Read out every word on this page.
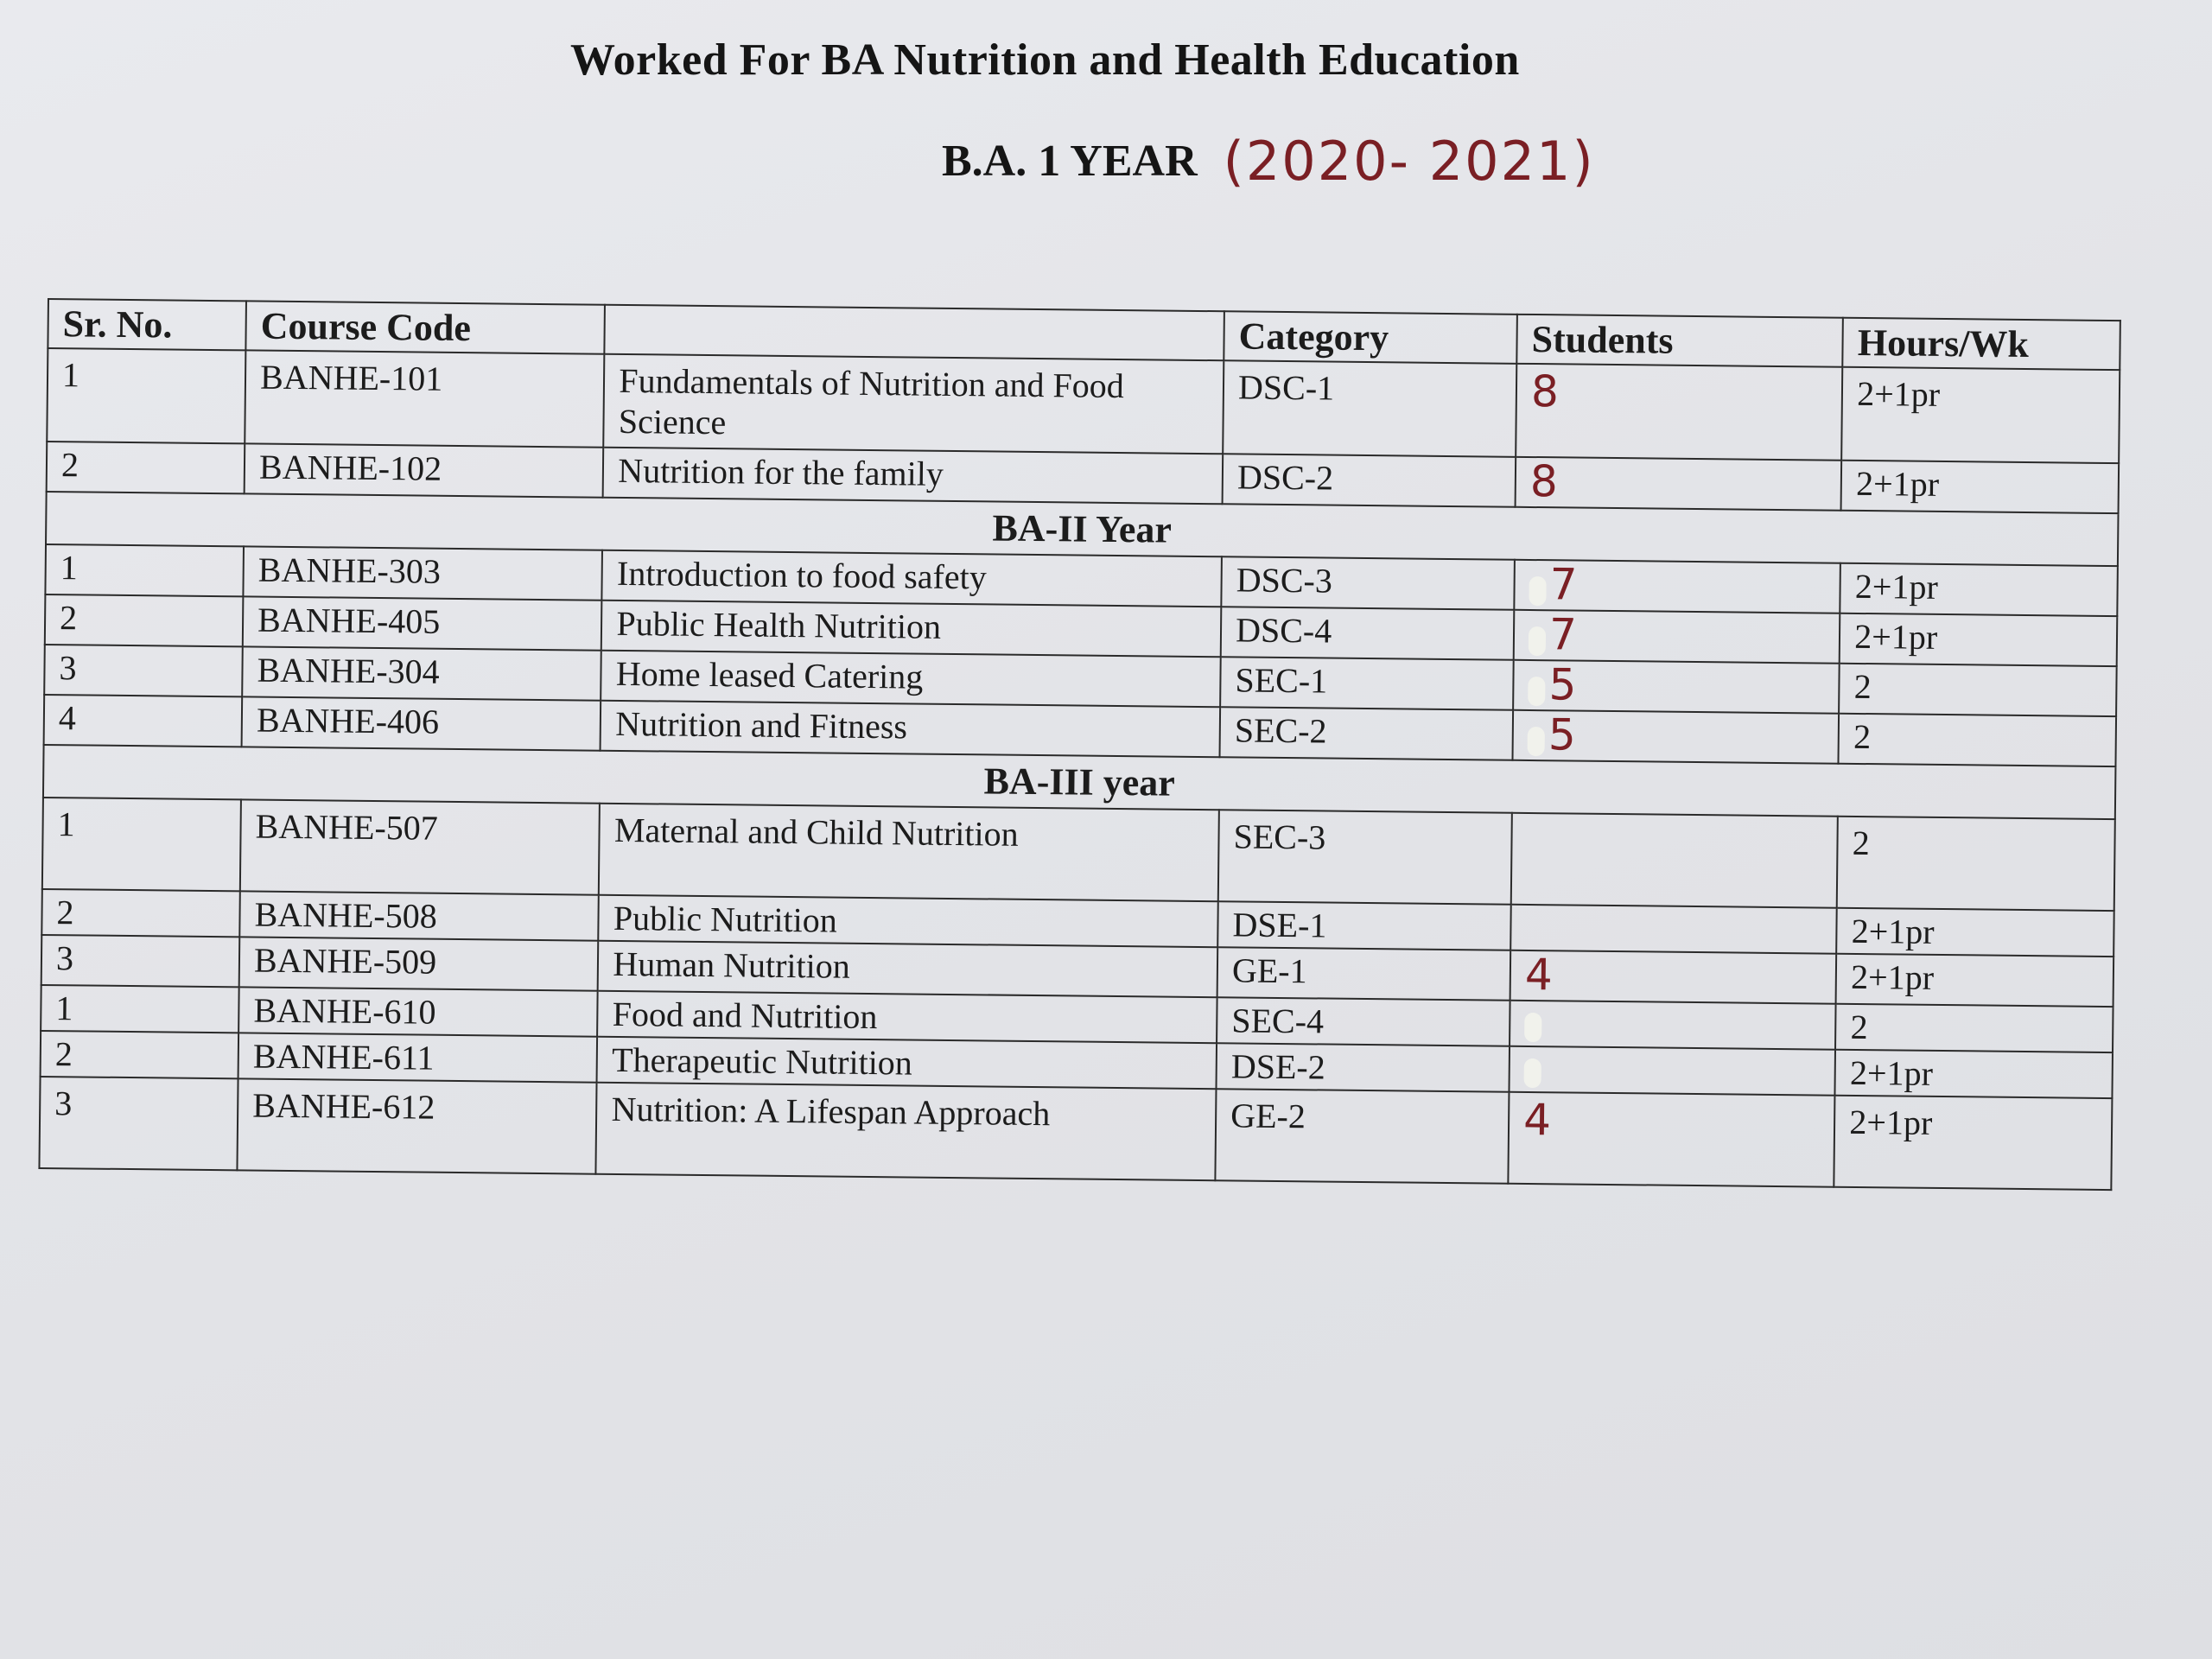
Worked For BA Nutrition and Health Education
B.A. 1 YEAR (2020- 2021)
Sr. No.	Course Code		Category	Students	Hours/Wk
1	BANHE-101	Fundamentals of Nutrition and Food Science	DSC-1	8	2+1pr
2	BANHE-102	Nutrition for the family	DSC-2	8	2+1pr
BA-II Year					
1	BANHE-303	Introduction to food safety	DSC-3	7	2+1pr
2	BANHE-405	Public Health Nutrition	DSC-4	7	2+1pr
3	BANHE-304	Home leased Catering	SEC-1	5	2
4	BANHE-406	Nutrition and Fitness	SEC-2	5	2
BA-III year					
1	BANHE-507	Maternal and Child Nutrition	SEC-3		2
2	BANHE-508	Public Nutrition	DSE-1		2+1pr
3	BANHE-509	Human Nutrition	GE-1	4	2+1pr
1	BANHE-610	Food and Nutrition	SEC-4		2
2	BANHE-611	Therapeutic Nutrition	DSE-2		2+1pr
3	BANHE-612	Nutrition: A Lifespan Approach	GE-2	4	2+1pr
